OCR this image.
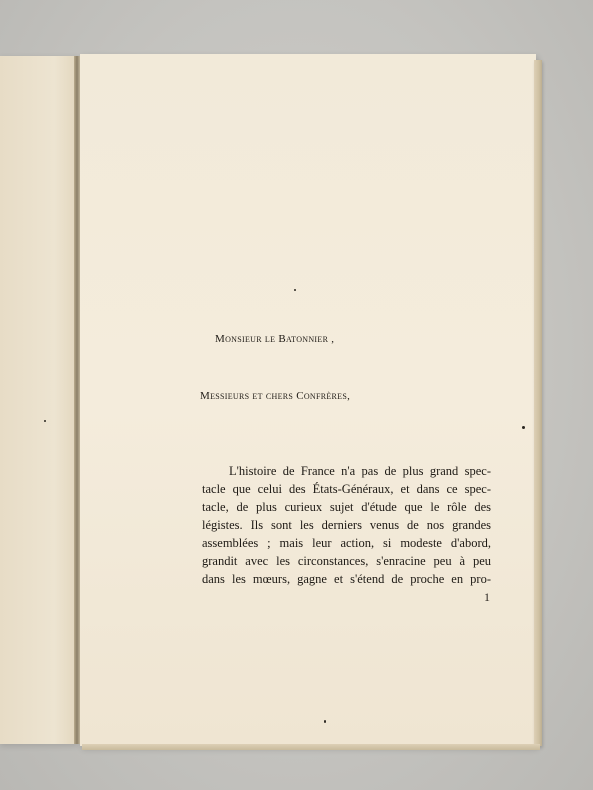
Monsieur le Batonnier ,
Messieurs et chers Confrères,
L'histoire de France n'a pas de plus grand spec-
tacle que celui des États-Généraux, et dans ce spec-
tacle, de plus curieux sujet d'étude que le rôle des
légistes. Ils sont les derniers venus de nos grandes
assemblées ; mais leur action, si modeste d'abord,
grandit avec les circonstances, s'enracine peu à peu
dans les mœurs, gagne et s'étend de proche en pro-
1
